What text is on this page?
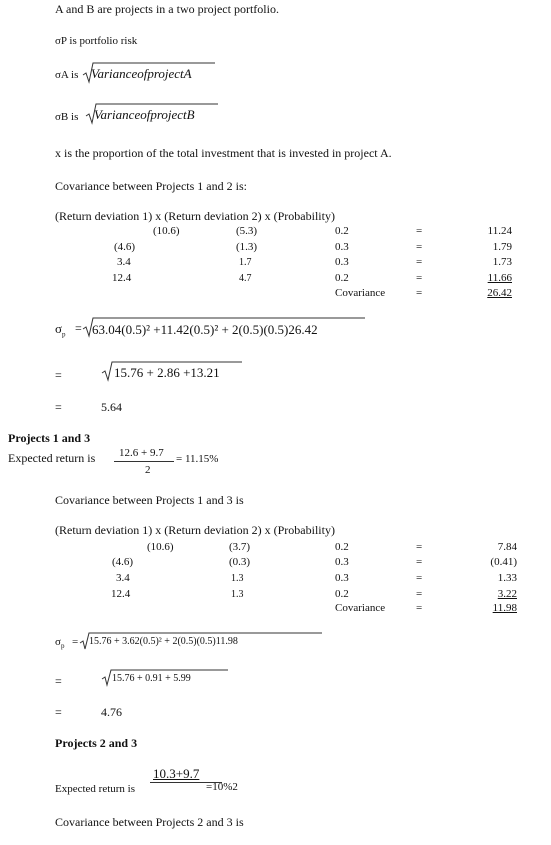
A and B are projects in a two project portfolio.
σP is portfolio risk
σA is VarianceofprojectA
σB is VarianceofprojectB
x is the proportion of the total investment that is invested in project A.
Covariance between Projects 1 and 2 is:
(Return deviation 1) x (Return deviation 2) x (Probability)
(10.6)	(5.3)	0.2	=	11.24
(4.6)	(1.3)	0.3	=	1.79
3.4	1.7	0.3	=	1.73
12.4	4.7	0.2	=	11.66
Covariance	=	26.42
$\sigma_p = 63.04(0.5)^2 +11.42(0.5)^2 + 2(0.5)(0.5)26.42$
=	15.76 + 2.86 +13.21
=	5.64
Projects 1 and 3
Expected return is 12.6 + 9.7
2
= 11.15%
Covariance between Projects 1 and 3 is
(Return deviation 1) x (Return deviation 2) x (Probability)
(10.6)	(3.7)	0.2	=	7.84
(4.6)	(0.3)	0.3	=	(0.41)
3.4	1.3	0.3	=	1.33
12.4	1.3	0.2	=	3.22
Covariance	=	11.98
$\sigma_p = 15.76 + 3.62(0.5)^2 + 2(0.5)(0.5)11.98$
=	15.76 + 0.91 + 5.99
=	4.76
Projects 2 and 3
Expected return is
10.3+9.7
=10%2
Covariance between Projects 2 and 3 is
